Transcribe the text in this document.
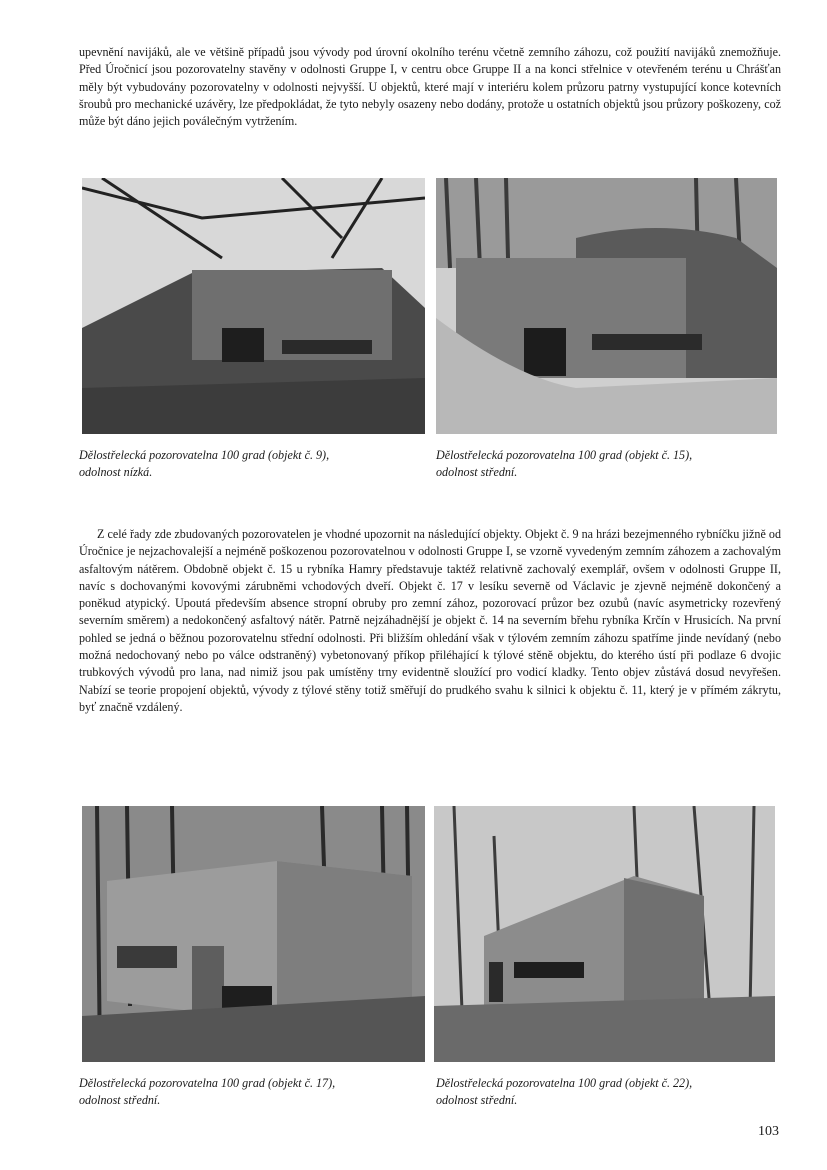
upevnění navijáků, ale ve většině případů jsou vývody pod úrovní okolního terénu včetně zemního záhozu, což použití navijáků znemožňuje. Před Úročnicí jsou pozorovatelny stavěny v odolnosti Gruppe I, v centru obce Gruppe II a na konci střelnice v otevřeném terénu u Chrášťan měly být vybudovány pozorovatelny v odolnosti nejvyšší. U objektů, které mají v interiéru kolem průzoru patrny vystupující konce kotevních šroubů pro mechanické uzávěry, lze předpokládat, že tyto nebyly osazeny nebo dodány, protože u ostatních objektů jsou průzory poškozeny, což může být dáno jejich poválečným vytržením.

Dělostřelecká pozorovatelna 100 grad (objekt č. 9),
odolnost nízká.

Dělostřelecká pozorovatelna 100 grad (objekt č. 15),
odolnost střední.

Z celé řady zde zbudovaných pozorovatelen je vhodné upozornit na následující objekty. Objekt č. 9 na hrázi bezejmenného rybníčku jižně od Úročnice je nejzachovalejší a nejméně poškozenou pozorovatelnou v odolnosti Gruppe I, se vzorně vyvedeným zemním záhozem a zachovalým asfaltovým nátěrem. Obdobně objekt č. 15 u rybníka Hamry představuje taktéž relativně zachovalý exemplář, ovšem v odolnosti Gruppe II, navíc s dochovanými kovovými zárubněmi vchodových dveří. Objekt č. 17 v lesíku severně od Václavic je zjevně nejméně dokončený a poněkud atypický. Upoutá především absence stropní obruby pro zemní zához, pozorovací průzor bez ozubů (navíc asymetricky rozevřený severním směrem) a nedokončený asfaltový nátěr. Patrně nejzáhadnější je objekt č. 14 na severním břehu rybníka Krčín v Hrusicích. Na první pohled se jedná o běžnou pozorovatelnu střední odolnosti. Při bližším ohledání však v týlovém zemním záhozu spatříme jinde nevídaný (nebo možná nedochovaný nebo po válce odstraněný) vybetonovaný příkop přiléhající k týlové stěně objektu, do kterého ústí při podlaze 6 dvojic trubkových vývodů pro lana, nad nimiž jsou pak umístěny trny evidentně sloužící pro vodicí kladky. Tento objev zůstává dosud nevyřešen. Nabízí se teorie propojení objektů, vývody z týlové stěny totiž směřují do prudkého svahu k silnici k objektu č. 11, který je v přímém zákrytu, byť značně vzdálený.

Dělostřelecká pozorovatelna 100 grad (objekt č. 17),
odolnost střední.

Dělostřelecká pozorovatelna 100 grad (objekt č. 22),
odolnost střední.

103
